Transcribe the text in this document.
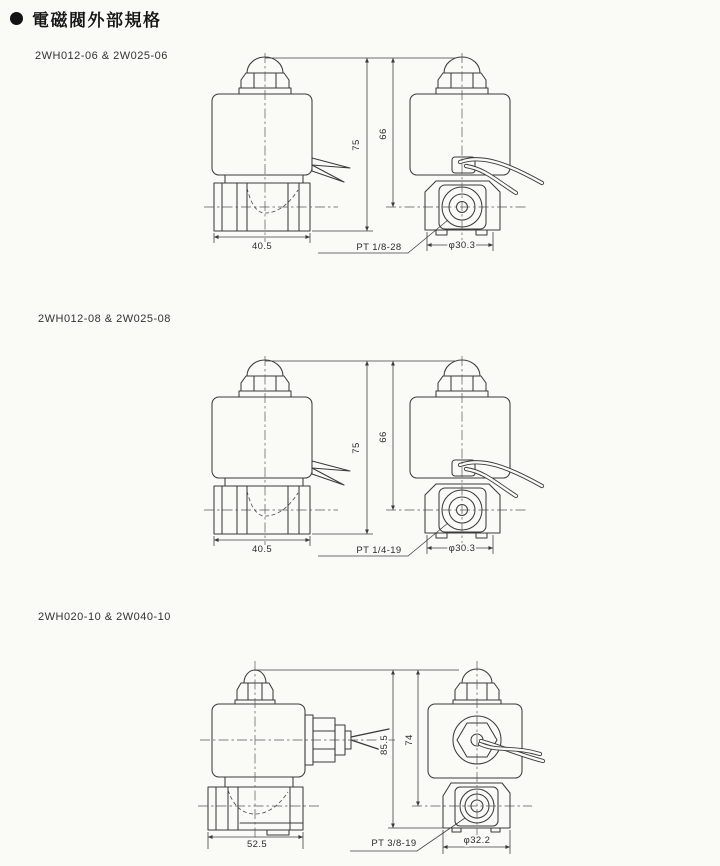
電磁閥外部規格
2WH012-06 & 2W025-06
75
66
40.5	φ30.3
PT 1/8-28
2WH012-08 & 2W025-08
75
66
40.5	φ30.3
PT 1/4-19
2WH020-10 & 2W040-10
85.5 74
52.5	φ32.2
PT 3/8-19
